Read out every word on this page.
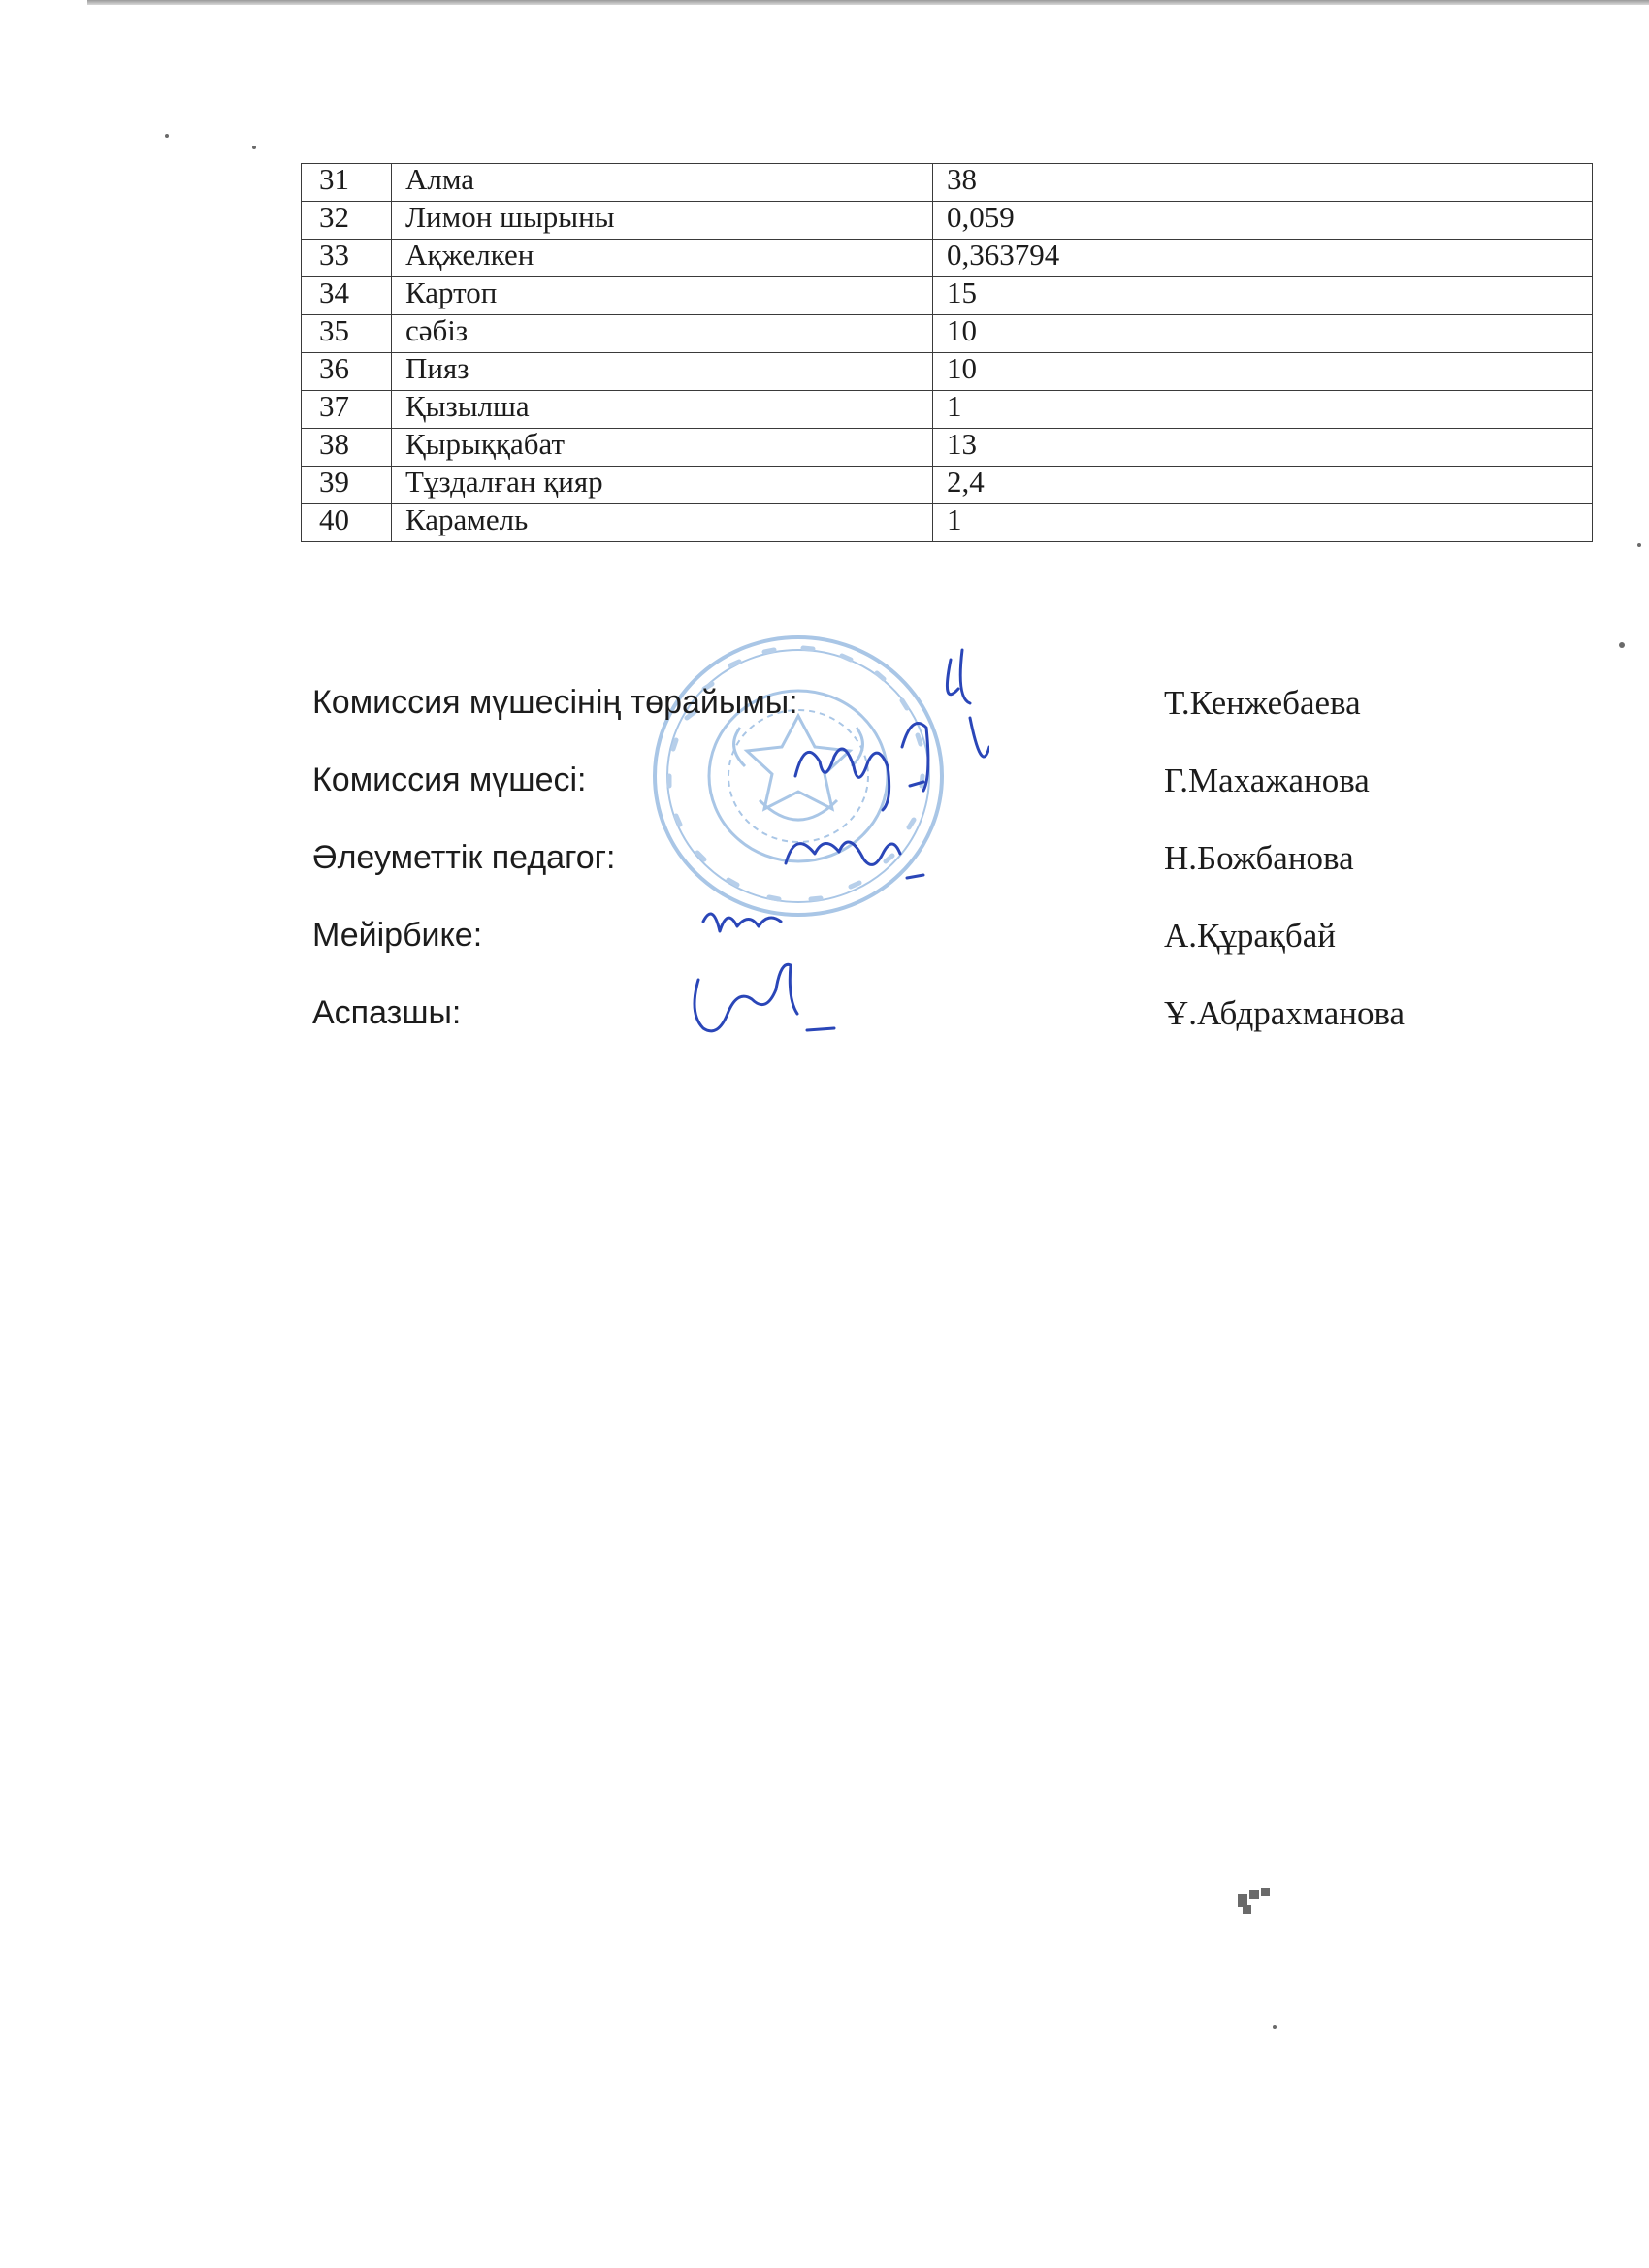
31	Алма	38
32	Лимон шырыны	0,059
33	Ақжелкен	0,363794
34	Картоп	15
35	сәбіз	10
36	Пияз	10
37	Қызылша	1
38	Қырыққабат	13
39	Тұздалған қияр	2,4
40	Карамель	1
Комиссия мүшесінің төрайымы:	Т.Кенжебаева
Комиссия мүшесі:	Г.Махажанова
Әлеуметтік педагог:	Н.Божбанова
Мейірбике:	А.Құрақбай
Аспазшы:	Ұ.Абдрахманова
